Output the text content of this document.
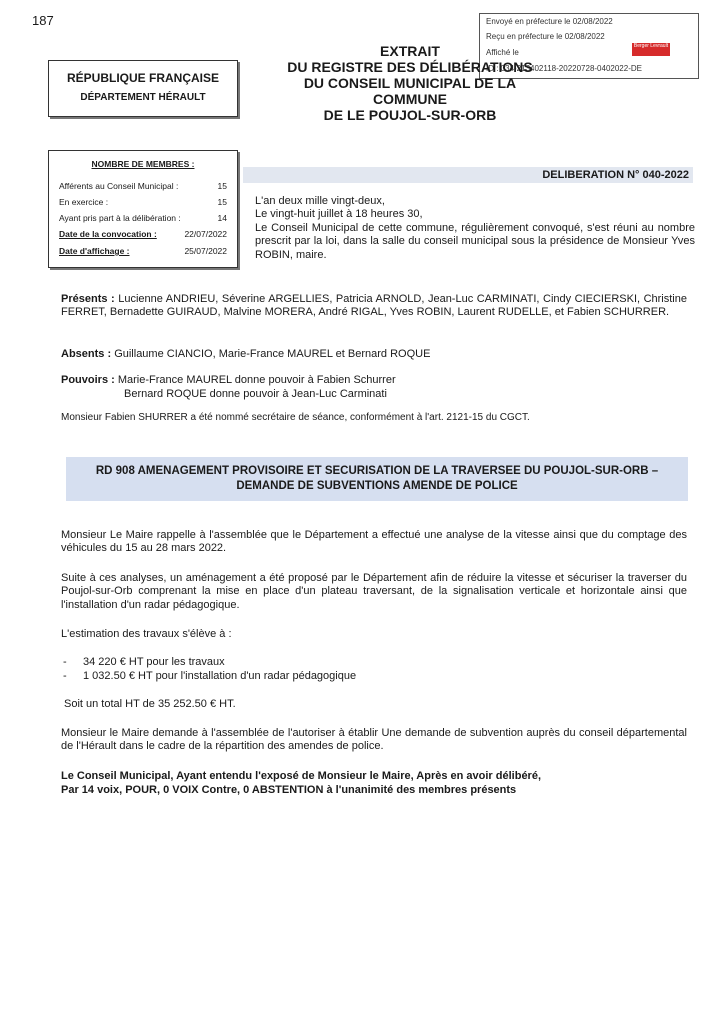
187	Envoyé en préfecture le 02/08/2022
Reçu en préfecture le 02/08/2022
Affiché le
ID : 034-213402118-20220728-0402022-DE
Berger Levrault
EXTRAIT
DU REGISTRE DES DÉLIBÉRATIONS
DU CONSEIL MUNICIPAL DE LA
COMMUNE
DE LE POUJOL-SUR-ORB
RÉPUBLIQUE FRANÇAISE
DÉPARTEMENT HÉRAULT
NOMBRE DE MEMBRES :
Afférents au Conseil Municipal :	15
En exercice :	15
Ayant pris part à la délibération :	14
Date de la convocation :	22/07/2022
Date d'affichage :	25/07/2022
DELIBERATION N° 040-2022

L'an deux mille vingt-deux,

Le vingt-huit juillet à 18 heures 30,

Le Conseil Municipal de cette commune, régulièrement convoqué, s'est réuni au nombre prescrit par la loi, dans la salle du conseil municipal sous la présidence de Monsieur Yves ROBIN, maire.

Présents : Lucienne ANDRIEU, Séverine ARGELLIES, Patricia ARNOLD, Jean-Luc CARMINATI, Cindy CIECIERSKI, Christine FERRET, Bernadette GUIRAUD, Malvine MORERA, André RIGAL, Yves ROBIN, Laurent RUDELLE, et Fabien SCHURRER.
Absents : Guillaume CIANCIO, Marie-France MAUREL et Bernard ROQUE
Pouvoirs : Marie-France MAUREL donne pouvoir à Fabien Schurrer
Bernard ROQUE donne pouvoir à Jean-Luc Carminati
Monsieur Fabien SHURRER a été nommé secrétaire de séance, conformément à l'art. 2121-15 du CGCT.
RD 908 AMENAGEMENT PROVISOIRE ET SECURISATION DE LA TRAVERSEE DU POUJOL-SUR-ORB –
DEMANDE DE SUBVENTIONS AMENDE DE POLICE
Monsieur Le Maire rappelle à l'assemblée que le Département a effectué une analyse de la vitesse ainsi que du comptage des véhicules du 15 au 28 mars 2022.
Suite à ces analyses, un aménagement a été proposé par le Département afin de réduire la vitesse et sécuriser la traverser du Poujol-sur-Orb comprenant la mise en place d'un plateau traversant, de la signalisation verticale et horizontale ainsi que l'installation d'un radar pédagogique.
L'estimation des travaux s'élève à :
- 34 220 € HT pour les travaux
- 1 032.50 € HT pour l'installation d'un radar pédagogique
Soit un total HT de 35 252.50 € HT.
Monsieur le Maire demande à l'assemblée de l'autoriser à établir Une demande de subvention auprès du conseil départemental de l'Hérault dans le cadre de la répartition des amendes de police.
Le Conseil Municipal, Ayant entendu l'exposé de Monsieur le Maire, Après en avoir délibéré,
Par 14 voix, POUR, 0 VOIX Contre, 0 ABSTENTION à l'unanimité des membres présents
